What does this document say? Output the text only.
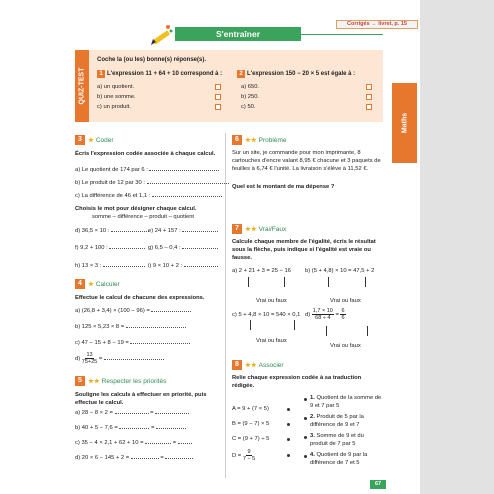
S'entraîner
Corrigés → livret, p. 15
Maths
QUIZ-TEST
Coche la (ou les) bonne(s) réponse(s).
1 L'expression 11 + 64 + 10 correspond à :
a) un quotient.
b) une somme.
c) un produit.
2 L'expression 150 − 20 × 5 est égale à :
a) 650.
b) 250.
c) 50.
3 ★ Coder
Écris l'expression codée associée à chaque calcul.
a) Le quotient de 174 par 6 :
b) Le produit de 12 par 30 :
c) La différence de 46 et 1,1 :
Choisis le mot pour désigner chaque calcul.
somme – différence – produit – quotient
d) 36,5 × 10 :	e) 24 + 157 :
f) 9,2 + 100 :	g) 6,5 – 0,4 :
h) 13 × 3 :	i) 9 × 10 + 2 :
4 ★ Calculer
Effectue le calcul de chacune des expressions.
a) (26,8 + 3,4) × (100 − 96) =
b) 125 × 5,23 × 8 =
c) 47 − 15 + 8 − 19 =
$d) \frac{13}{75+25}$ =
5 ★★ Respecter les priorités
Souligne les calculs à effectuer en priorité, puis effectue le calcul.
a) 28 − 8 × 2 =	=
b) 40 + 5 − 7,6 =	=
c) 35 − 4 × 2,1 + 62 + 10 =	=
d) 20 × 6 − 145 + 2 =	=
6 ★★ Problème
Sur un site, je commande pour mon imprimante, 8 cartouches d'encre valant 8,95 € chacune et 3 paquets de feuilles à 6,74 € l'unité. La livraison s'élève à 11,52 €.
Quel est le montant de ma dépense ?
7 ★★ Vrai/Faux
Calcule chaque membre de l'égalité, écris le résultat sous la flèche, puis indique si l'égalité est vraie ou fausse.
a) 2 + 21 + 3 = 25 − 16 b) (5 + 4,8) × 10 = 47,5 + 2
Vrai ou faux	Vrai ou faux
c) 5 + 4,8 × 10 = 540 × 0,1 $d) \frac{1,7 \times 10}{68 \div 4} = \frac{6}{6}$
Vrai ou faux
Vrai ou faux
8 ★★ Associer
Relie chaque expression codée à sa traduction rédigée.
A = 9 + (7 × 5)
B = (9 − 7) × 5
C = (9 + 7) ÷ 5
$D = \frac{9}{7 - 5}$
1. Quotient de la somme de 9 et 7 par 5
2. Produit de 5 par la différence de 9 et 7
3. Somme de 9 et du produit de 7 par 5
4. Quotient de 9 par la différence de 7 et 5
67
